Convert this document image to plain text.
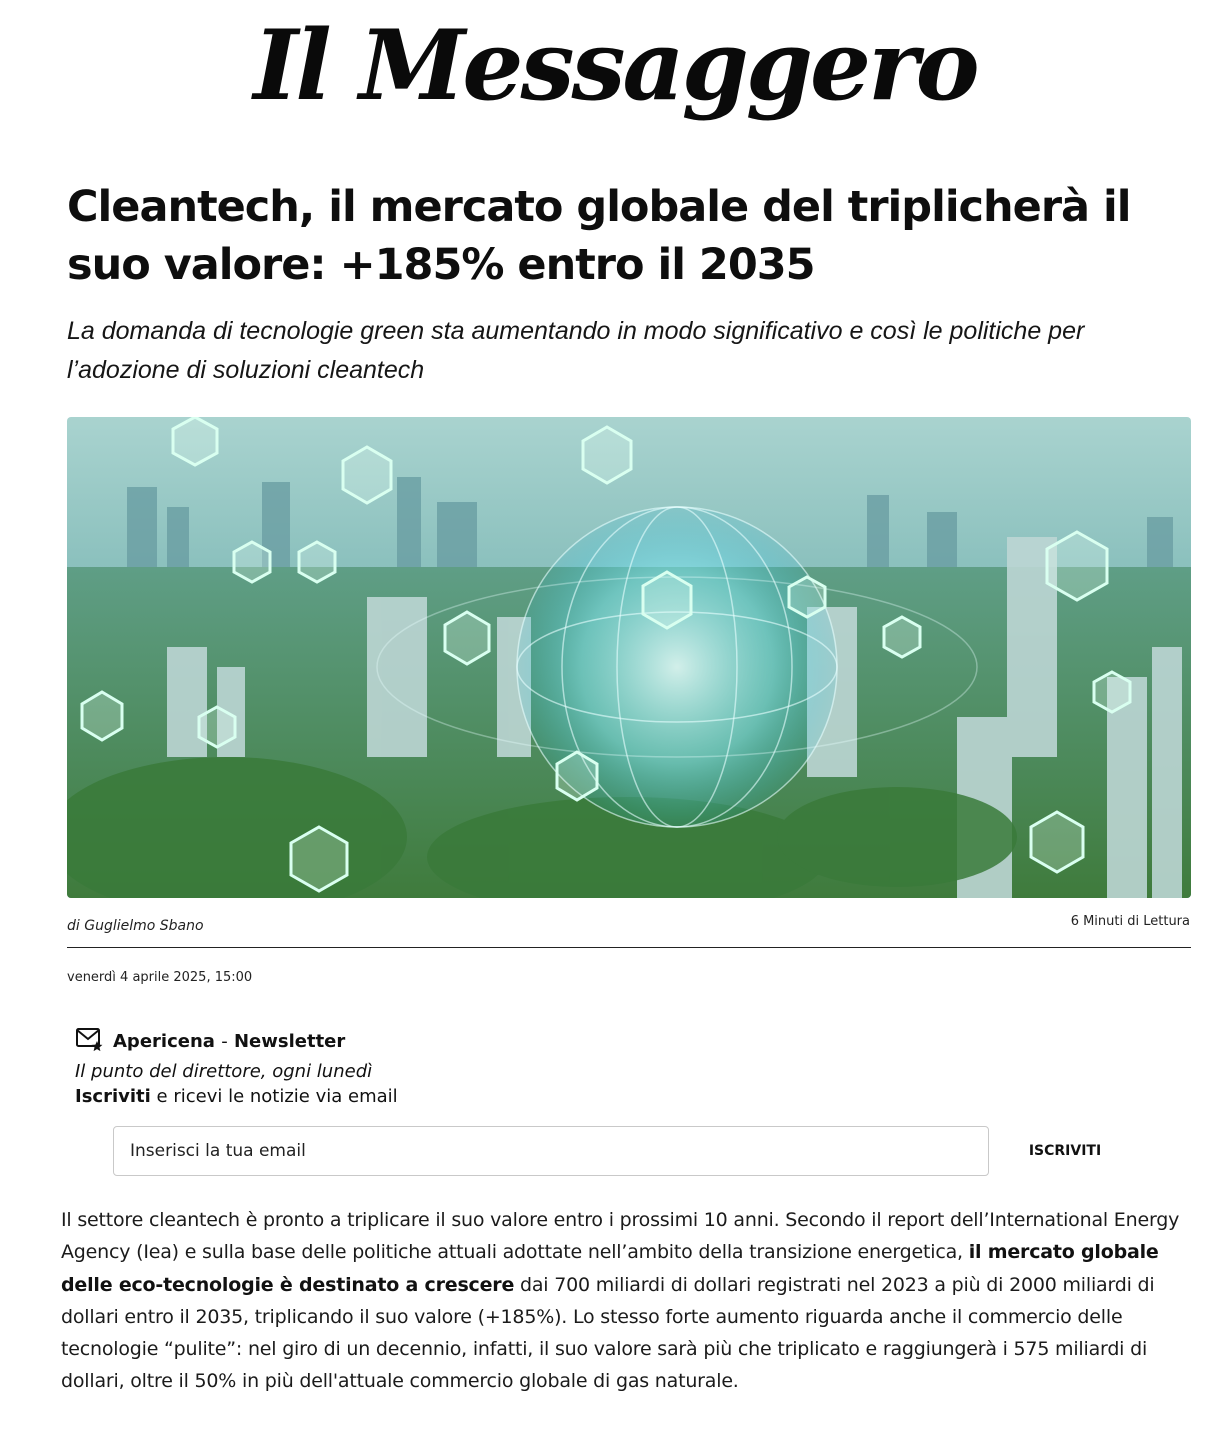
Il Messaggero
Cleantech, il mercato globale del triplicherà il suo valore: +185% entro il 2035

La domanda di tecnologie green sta aumentando in modo significativo e così le politiche per l’adozione di soluzioni cleantech

di Guglielmo Sbano	6 Minuti di Lettura
venerdì 4 aprile 2025, 15:00
Apericena - Newsletter
Il punto del direttore, ogni lunedì
Iscriviti e ricevi le notizie via email
Inserisci la tua email
ISCRIVITI

Il settore cleantech è pronto a triplicare il suo valore entro i prossimi 10 anni. Secondo il report dell’International Energy Agency (Iea) e sulla base delle politiche attuali adottate nell’ambito della transizione energetica, il mercato globale delle eco-tecnologie è destinato a crescere dai 700 miliardi di dollari registrati nel 2023 a più di 2000 miliardi di dollari entro il 2035, triplicando il suo valore (+185%). Lo stesso forte aumento riguarda anche il commercio delle tecnologie “pulite”: nel giro di un decennio, infatti, il suo valore sarà più che triplicato e raggiungerà i 575 miliardi di dollari, oltre il 50% in più dell'attuale commercio globale di gas naturale.
